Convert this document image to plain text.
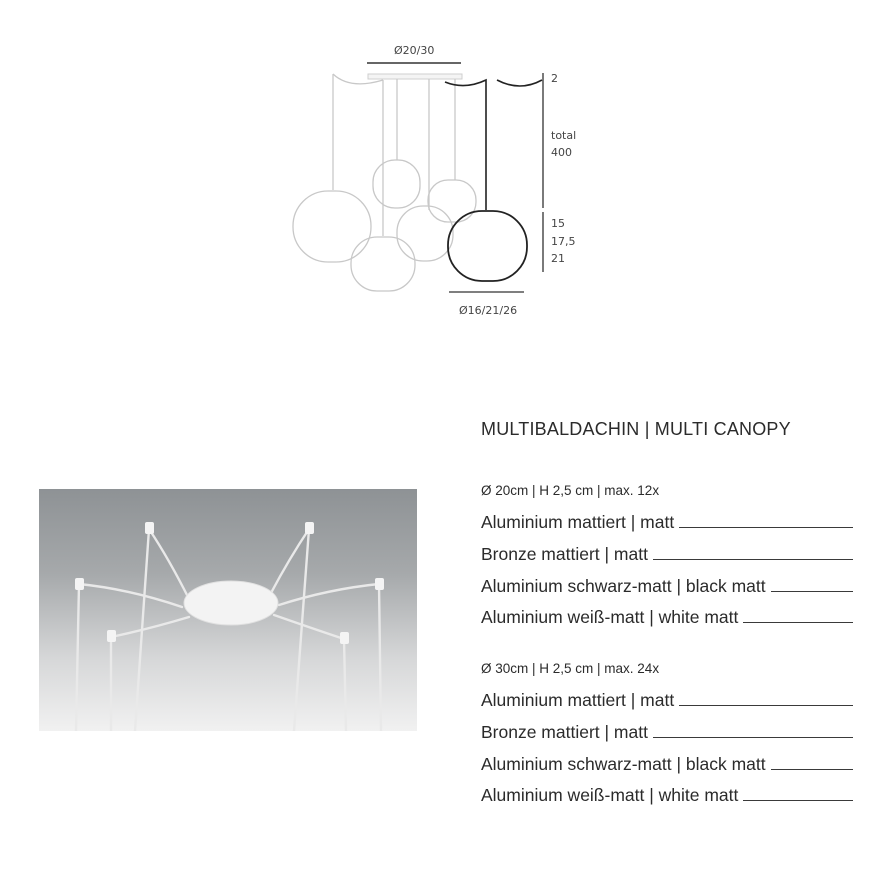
Ø20/30
2
total
400
15
17,5
21
Ø16/21/26
MULTIBALDACHIN | MULTI CANOPY
Ø 20cm | H 2,5 cm | max. 12x
Aluminium mattiert | matt
Bronze mattiert | matt
Aluminium schwarz-matt | black matt
Aluminium weiß-matt | white matt
Ø 30cm | H 2,5 cm | max. 24x
Aluminium mattiert | matt
Bronze mattiert | matt
Aluminium schwarz-matt | black matt
Aluminium weiß-matt | white matt
